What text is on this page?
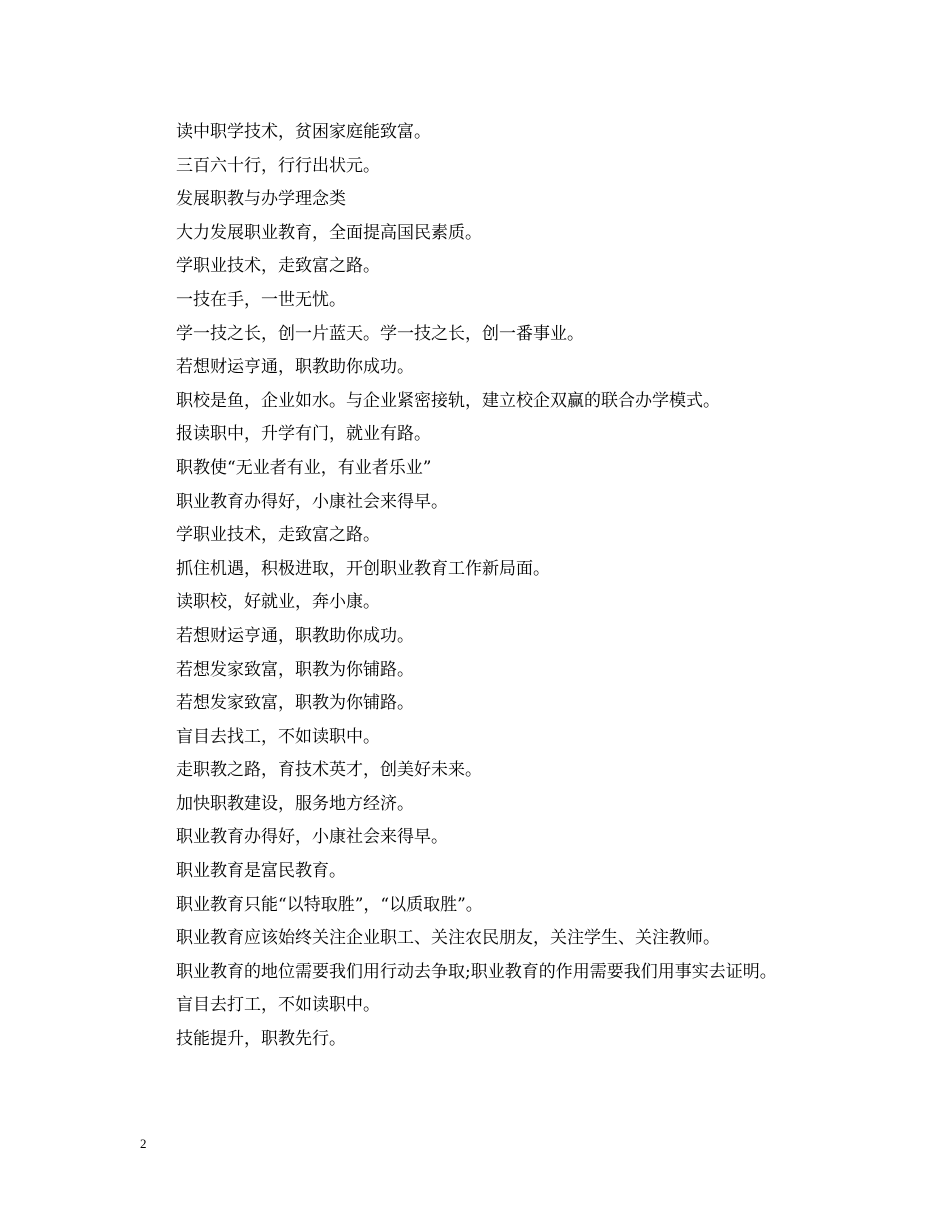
读中职学技术，贫困家庭能致富。

三百六十行，行行出状元。

发展职教与办学理念类

大力发展职业教育，全面提高国民素质。

学职业技术，走致富之路。

一技在手，一世无忧。

学一技之长，创一片蓝天。学一技之长，创一番事业。

若想财运亨通，职教助你成功。

职校是鱼，企业如水。与企业紧密接轨，建立校企双赢的联合办学模式。

报读职中，升学有门，就业有路。

职教使“无业者有业，有业者乐业”

职业教育办得好，小康社会来得早。

学职业技术，走致富之路。

抓住机遇，积极进取，开创职业教育工作新局面。

读职校，好就业，奔小康。

若想财运亨通，职教助你成功。

若想发家致富，职教为你铺路。

若想发家致富，职教为你铺路。

盲目去找工，不如读职中。

走职教之路，育技术英才，创美好未来。

加快职教建设，服务地方经济。

职业教育办得好，小康社会来得早。

职业教育是富民教育。

职业教育只能“以特取胜”，“以质取胜”。

职业教育应该始终关注企业职工、关注农民朋友，关注学生、关注教师。

职业教育的地位需要我们用行动去争取;职业教育的作用需要我们用事实去证明。

盲目去打工，不如读职中。

技能提升，职教先行。

2
